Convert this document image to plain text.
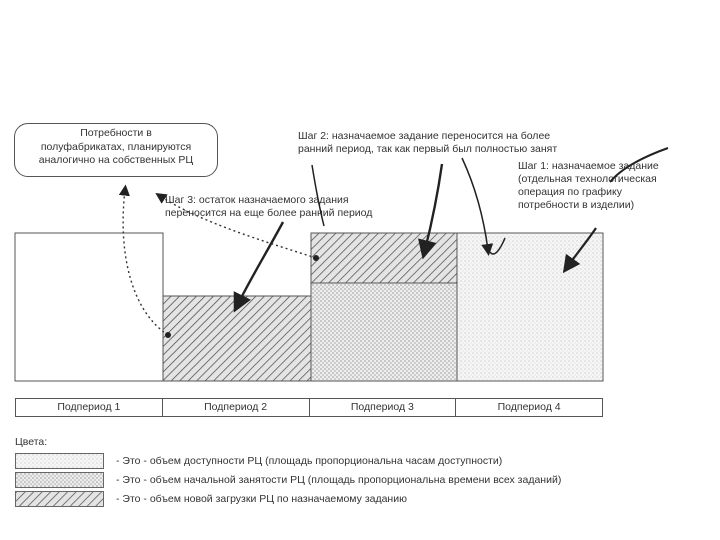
Потребности в
полуфабрикатах, планируются
аналогично на собственных РЦ
Шаг 2: назначаемое задание переносится на более
ранний период, так как первый был полностью занят
Шаг 1: назначаемое задание
(отдельная технологическая
операция по графику
потребности в изделии)
Шаг 3: остаток назначаемого задания
переносится на еще более ранний период
Подпериод 1	Подпериод 2	Подпериод 3	Подпериод 4
Цвета:
- Это - объем доступности РЦ (площадь пропорциональна часам доступности)
- Это - объем начальной занятости РЦ (площадь пропорциональна времени всех заданий)
- Это - объем новой загрузки РЦ по назначаемому заданию
